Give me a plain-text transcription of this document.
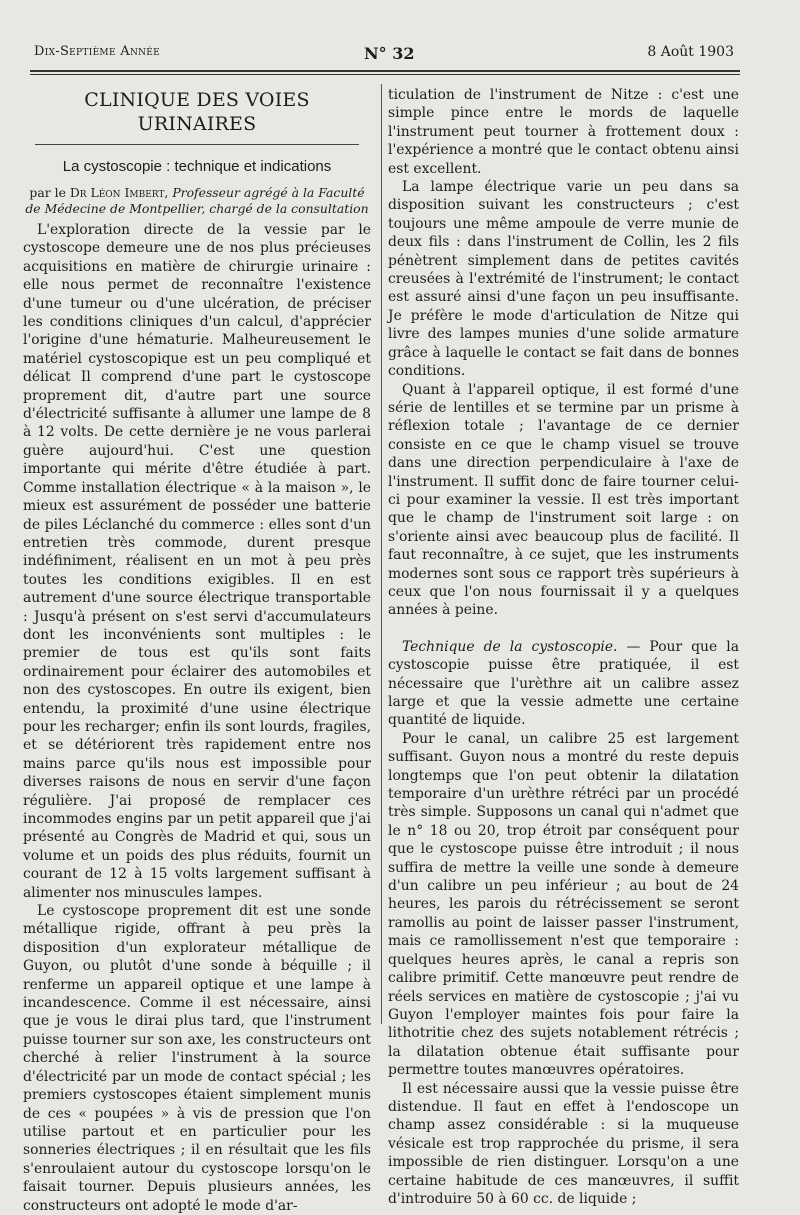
Dix-Septième Année	N° 32	8 Août 1903
CLINIQUE DES VOIES URINAIRES
La cystoscopie : technique et indications
par le Dr Léon Imbert, Professeur agrégé à la Faculté de Médecine de Montpellier, chargé de la consultation

L'exploration directe de la vessie par le cystoscope demeure une de nos plus précieuses acquisitions en matière de chirurgie urinaire : elle nous permet de reconnaître l'existence d'une tumeur ou d'une ulcération, de préciser les conditions cliniques d'un calcul, d'apprécier l'origine d'une hématurie. Malheureusement le matériel cystoscopique est un peu compliqué et délicat Il comprend d'une part le cystoscope proprement dit, d'autre part une source d'électricité suffisante à allumer une lampe de 8 à 12 volts. De cette dernière je ne vous parlerai guère aujourd'hui. C'est une question importante qui mérite d'être étudiée à part. Comme installation électrique « à la maison », le mieux est assurément de posséder une batterie de piles Léclanché du commerce : elles sont d'un entretien très commode, durent presque indéfiniment, réalisent en un mot à peu près toutes les conditions exigibles. Il en est autrement d'une source électrique transportable : Jusqu'à présent on s'est servi d'accumulateurs dont les inconvénients sont multiples : le premier de tous est qu'ils sont faits ordinairement pour éclairer des automobiles et non des cystoscopes. En outre ils exigent, bien entendu, la proximité d'une usine électrique pour les recharger; enfin ils sont lourds, fragiles, et se détériorent très rapidement entre nos mains parce qu'ils nous est impossible pour diverses raisons de nous en servir d'une façon régulière. J'ai proposé de remplacer ces incommodes engins par un petit appareil que j'ai présenté au Congrès de Madrid et qui, sous un volume et un poids des plus réduits, fournit un courant de 12 à 15 volts largement suffisant à alimenter nos minuscules lampes.

Le cystoscope proprement dit est une sonde métallique rigide, offrant à peu près la disposition d'un explorateur métallique de Guyon, ou plutôt d'une sonde à béquille ; il renferme un appareil optique et une lampe à incandescence. Comme il est nécessaire, ainsi que je vous le dirai plus tard, que l'instrument puisse tourner sur son axe, les constructeurs ont cherché à relier l'instrument à la source d'électricité par un mode de contact spécial ; les premiers cystoscopes étaient simplement munis de ces « poupées » à vis de pression que l'on utilise partout et en particulier pour les sonneries électriques ; il en résultait que les fils s'enroulaient autour du cystoscope lorsqu'on le faisait tourner. Depuis plusieurs années, les constructeurs ont adopté le mode d'ar-

ticulation de l'instrument de Nitze : c'est une simple pince entre le mords de laquelle l'instrument peut tourner à frottement doux : l'expérience a montré que le contact obtenu ainsi est excellent.

La lampe électrique varie un peu dans sa disposition suivant les constructeurs ; c'est toujours une même ampoule de verre munie de deux fils : dans l'instrument de Collin, les 2 fils pénètrent simplement dans de petites cavités creusées à l'extrémité de l'instrument; le contact est assuré ainsi d'une façon un peu insuffisante. Je préfère le mode d'articulation de Nitze qui livre des lampes munies d'une solide armature grâce à laquelle le contact se fait dans de bonnes conditions.

Quant à l'appareil optique, il est formé d'une série de lentilles et se termine par un prisme à réflexion totale ; l'avantage de ce dernier consiste en ce que le champ visuel se trouve dans une direction perpendiculaire à l'axe de l'instrument. Il suffit donc de faire tourner celui-ci pour examiner la vessie. Il est très important que le champ de l'instrument soit large : on s'oriente ainsi avec beaucoup plus de facilité. Il faut reconnaître, à ce sujet, que les instruments modernes sont sous ce rapport très supérieurs à ceux que l'on nous fournissait il y a quelques années à peine.

Technique de la cystoscopie. — Pour que la cystoscopie puisse être pratiquée, il est nécessaire que l'urèthre ait un calibre assez large et que la vessie admette une certaine quantité de liquide.

Pour le canal, un calibre 25 est largement suffisant. Guyon nous a montré du reste depuis longtemps que l'on peut obtenir la dilatation temporaire d'un urèthre rétréci par un procédé très simple. Supposons un canal qui n'admet que le n° 18 ou 20, trop étroit par conséquent pour que le cystoscope puisse être introduit ; il nous suffira de mettre la veille une sonde à demeure d'un calibre un peu inférieur ; au bout de 24 heures, les parois du rétrécissement se seront ramollis au point de laisser passer l'instrument, mais ce ramollissement n'est que temporaire : quelques heures après, le canal a repris son calibre primitif. Cette manœuvre peut rendre de réels services en matière de cystoscopie ; j'ai vu Guyon l'employer maintes fois pour faire la lithotritie chez des sujets notablement rétrécis ; la dilatation obtenue était suffisante pour permettre toutes manœuvres opératoires.

Il est nécessaire aussi que la vessie puisse être distendue. Il faut en effet à l'endoscope un champ assez considérable : si la muqueuse vésicale est trop rapprochée du prisme, il sera impossible de rien distinguer. Lorsqu'on a une certaine habitude de ces manœuvres, il suffit d'introduire 50 à 60 cc. de liquide ;
